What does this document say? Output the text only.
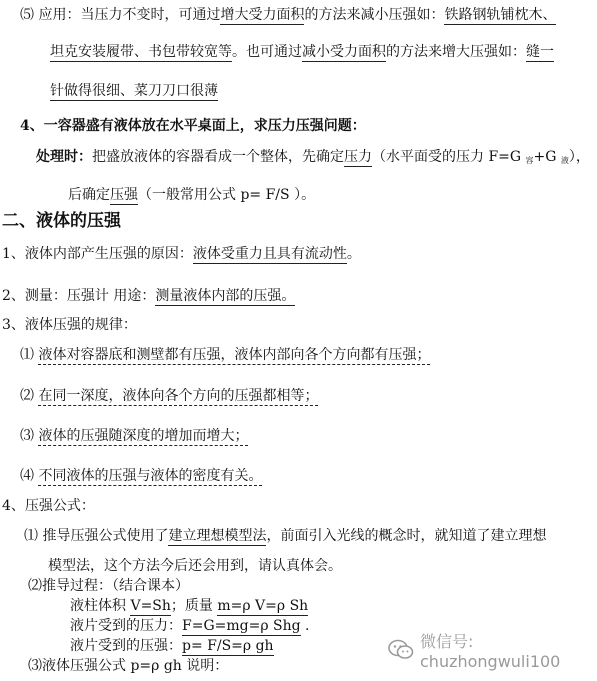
⑸ 应用：当压力不变时，可通过增大受力面积的方法来减小压强如：铁路钢轨铺枕木、
坦克安装履带、书包带较宽等。也可通过减小受力面积的方法来增大压强如：缝一
针做得很细、菜刀刀口很薄
4、一容器盛有液体放在水平桌面上，求压力压强问题：
处理时：把盛放液体的容器看成一个整体，先确定压力（水平面受的压力 F=G 容+G 液），
后确定压强（一般常用公式 p= F/S ）。
二、液体的压强
1、液体内部产生压强的原因：液体受重力且具有流动性。
2、测量：压强计 用途：测量液体内部的压强。
3、液体压强的规律：
⑴ 液体对容器底和测壁都有压强，液体内部向各个方向都有压强；
⑵ 在同一深度，液体向各个方向的压强都相等；
⑶ 液体的压强随深度的增加而增大；
⑷ 不同液体的压强与液体的密度有关。
4、压强公式：
⑴ 推导压强公式使用了建立理想模型法，前面引入光线的概念时，就知道了建立理想
模型法，这个方法今后还会用到，请认真体会。
⑵推导过程：（结合课本）
液柱体积 V=Sh；质量 m=ρ V=ρ Sh
液片受到的压力：F=G=mg=ρ Shg .
液片受到的压强：p= F/S=ρ gh
⑶液体压强公式 p=ρ gh 说明：
微信号: chuzhongwuli100
